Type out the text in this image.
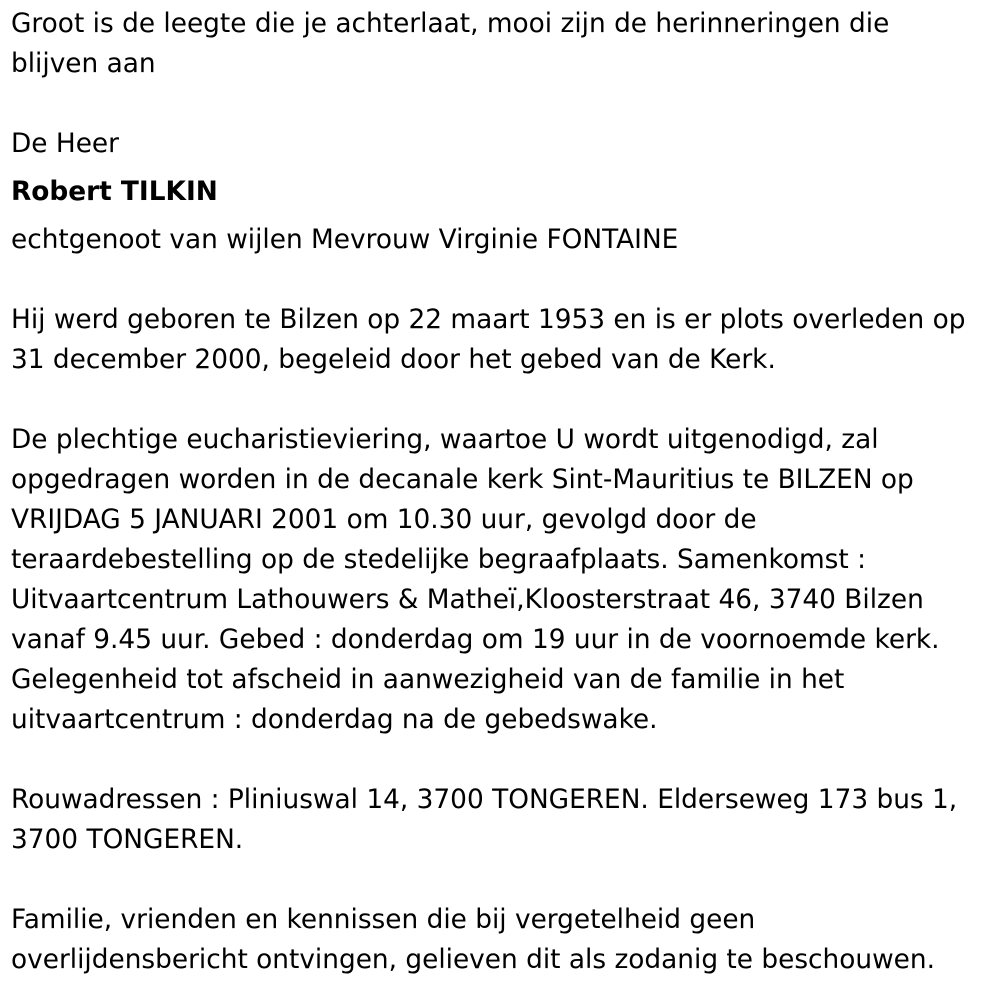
Groot is de leegte die je achterlaat, mooi zijn de herinneringen die

blijven aan

De Heer

Robert TILKIN

echtgenoot van wijlen Mevrouw Virginie FONTAINE

Hij werd geboren te Bilzen op 22 maart 1953 en is er plots overleden op

31 december 2000, begeleid door het gebed van de Kerk.

De plechtige eucharistieviering, waartoe U wordt uitgenodigd, zal

opgedragen worden in de decanale kerk Sint-Mauritius te BILZEN op

VRIJDAG 5 JANUARI 2001 om 10.30 uur, gevolgd door de

teraardebestelling op de stedelijke begraafplaats. Samenkomst :

Uitvaartcentrum Lathouwers & Matheï,Kloosterstraat 46, 3740 Bilzen

vanaf 9.45 uur. Gebed : donderdag om 19 uur in de voornoemde kerk.

Gelegenheid tot afscheid in aanwezigheid van de familie in het

uitvaartcentrum : donderdag na de gebedswake.

Rouwadressen : Pliniuswal 14, 3700 TONGEREN. Elderseweg 173 bus 1,

3700 TONGEREN.

Familie, vrienden en kennissen die bij vergetelheid geen

overlijdensbericht ontvingen, gelieven dit als zodanig te beschouwen.
